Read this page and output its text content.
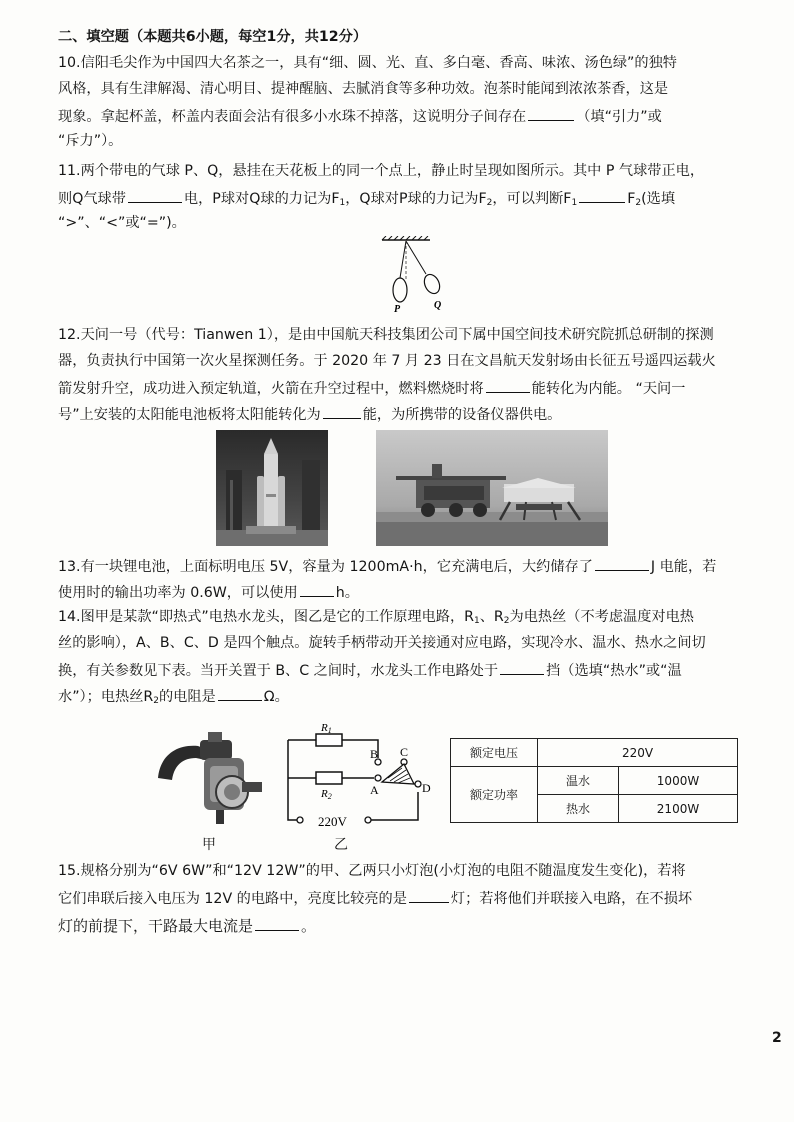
二、填空题（本题共6小题，每空1分，共12分）
10.信阳毛尖作为中国四大名茶之一，具有“细、圆、光、直、多白毫、香高、味浓、汤色绿”的独特
风格，具有生津解渴、清心明目、提神醒脑、去腻消食等多种功效。泡茶时能闻到浓浓茶香，这是
现象。拿起杯盖，杯盖内表面会沾有很多小水珠不掉落，这说明分子间存在	（填“引力”或
“斥力”）。
11.两个带电的气球 P、Q，悬挂在天花板上的同一个点上，静止时呈现如图所示。其中 P 气球带正电，
则Q气球带	电，P球对Q球的力记为$F_1$，Q球对P球的力记为$F_2$，可以判断$F_1$	$F_2$(选填
“>”、“<”或“=”)。
P	Q
12.天问一号（代号：Tianwen 1），是由中国航天科技集团公司下属中国空间技术研究院抓总研制的探测
器，负责执行中国第一次火星探测任务。于 2020 年 7 月 23 日在文昌航天发射场由长征五号遥四运载火
箭发射升空，成功进入预定轨道，火箭在升空过程中，燃料燃烧时将	能转化为内能。 “天问一
号”上安装的太阳能电池板将太阳能转化为	能，为所携带的设备仪器供电。
13.有一块锂电池，上面标明电压 5V，容量为 1200mA·h，它充满电后，大约储存了	J 电能，若
使用时的输出功率为 0.6W，可以使用	h。
14.图甲是某款“即热式”电热水龙头，图乙是它的工作原理电路，$R_1$、$R_2$为电热丝（不考虑温度对电热
丝的影响），A、B、C、D 是四个触点。旋转手柄带动开关接通对应电路，实现冷水、温水、热水之间切
换，有关参数见下表。当开关置于 B、C 之间时，水龙头工作电路处于	挡（选填“热水”或“温
水”）；电热丝$R_2$的电阻是	Ω。
甲
R1
R2
B C
A	D
220V
乙
额定电压	220V	
额定功率	温水	1000W
	热水	2100W
15.规格分别为“6V 6W”和“12V 12W”的甲、乙两只小灯泡(小灯泡的电阻不随温度发生变化)，若将
它们串联后接入电压为 12V 的电路中，亮度比较亮的是	灯；若将他们并联接入电路，在不损坏
灯的前提下，干路最大电流是	。
2
